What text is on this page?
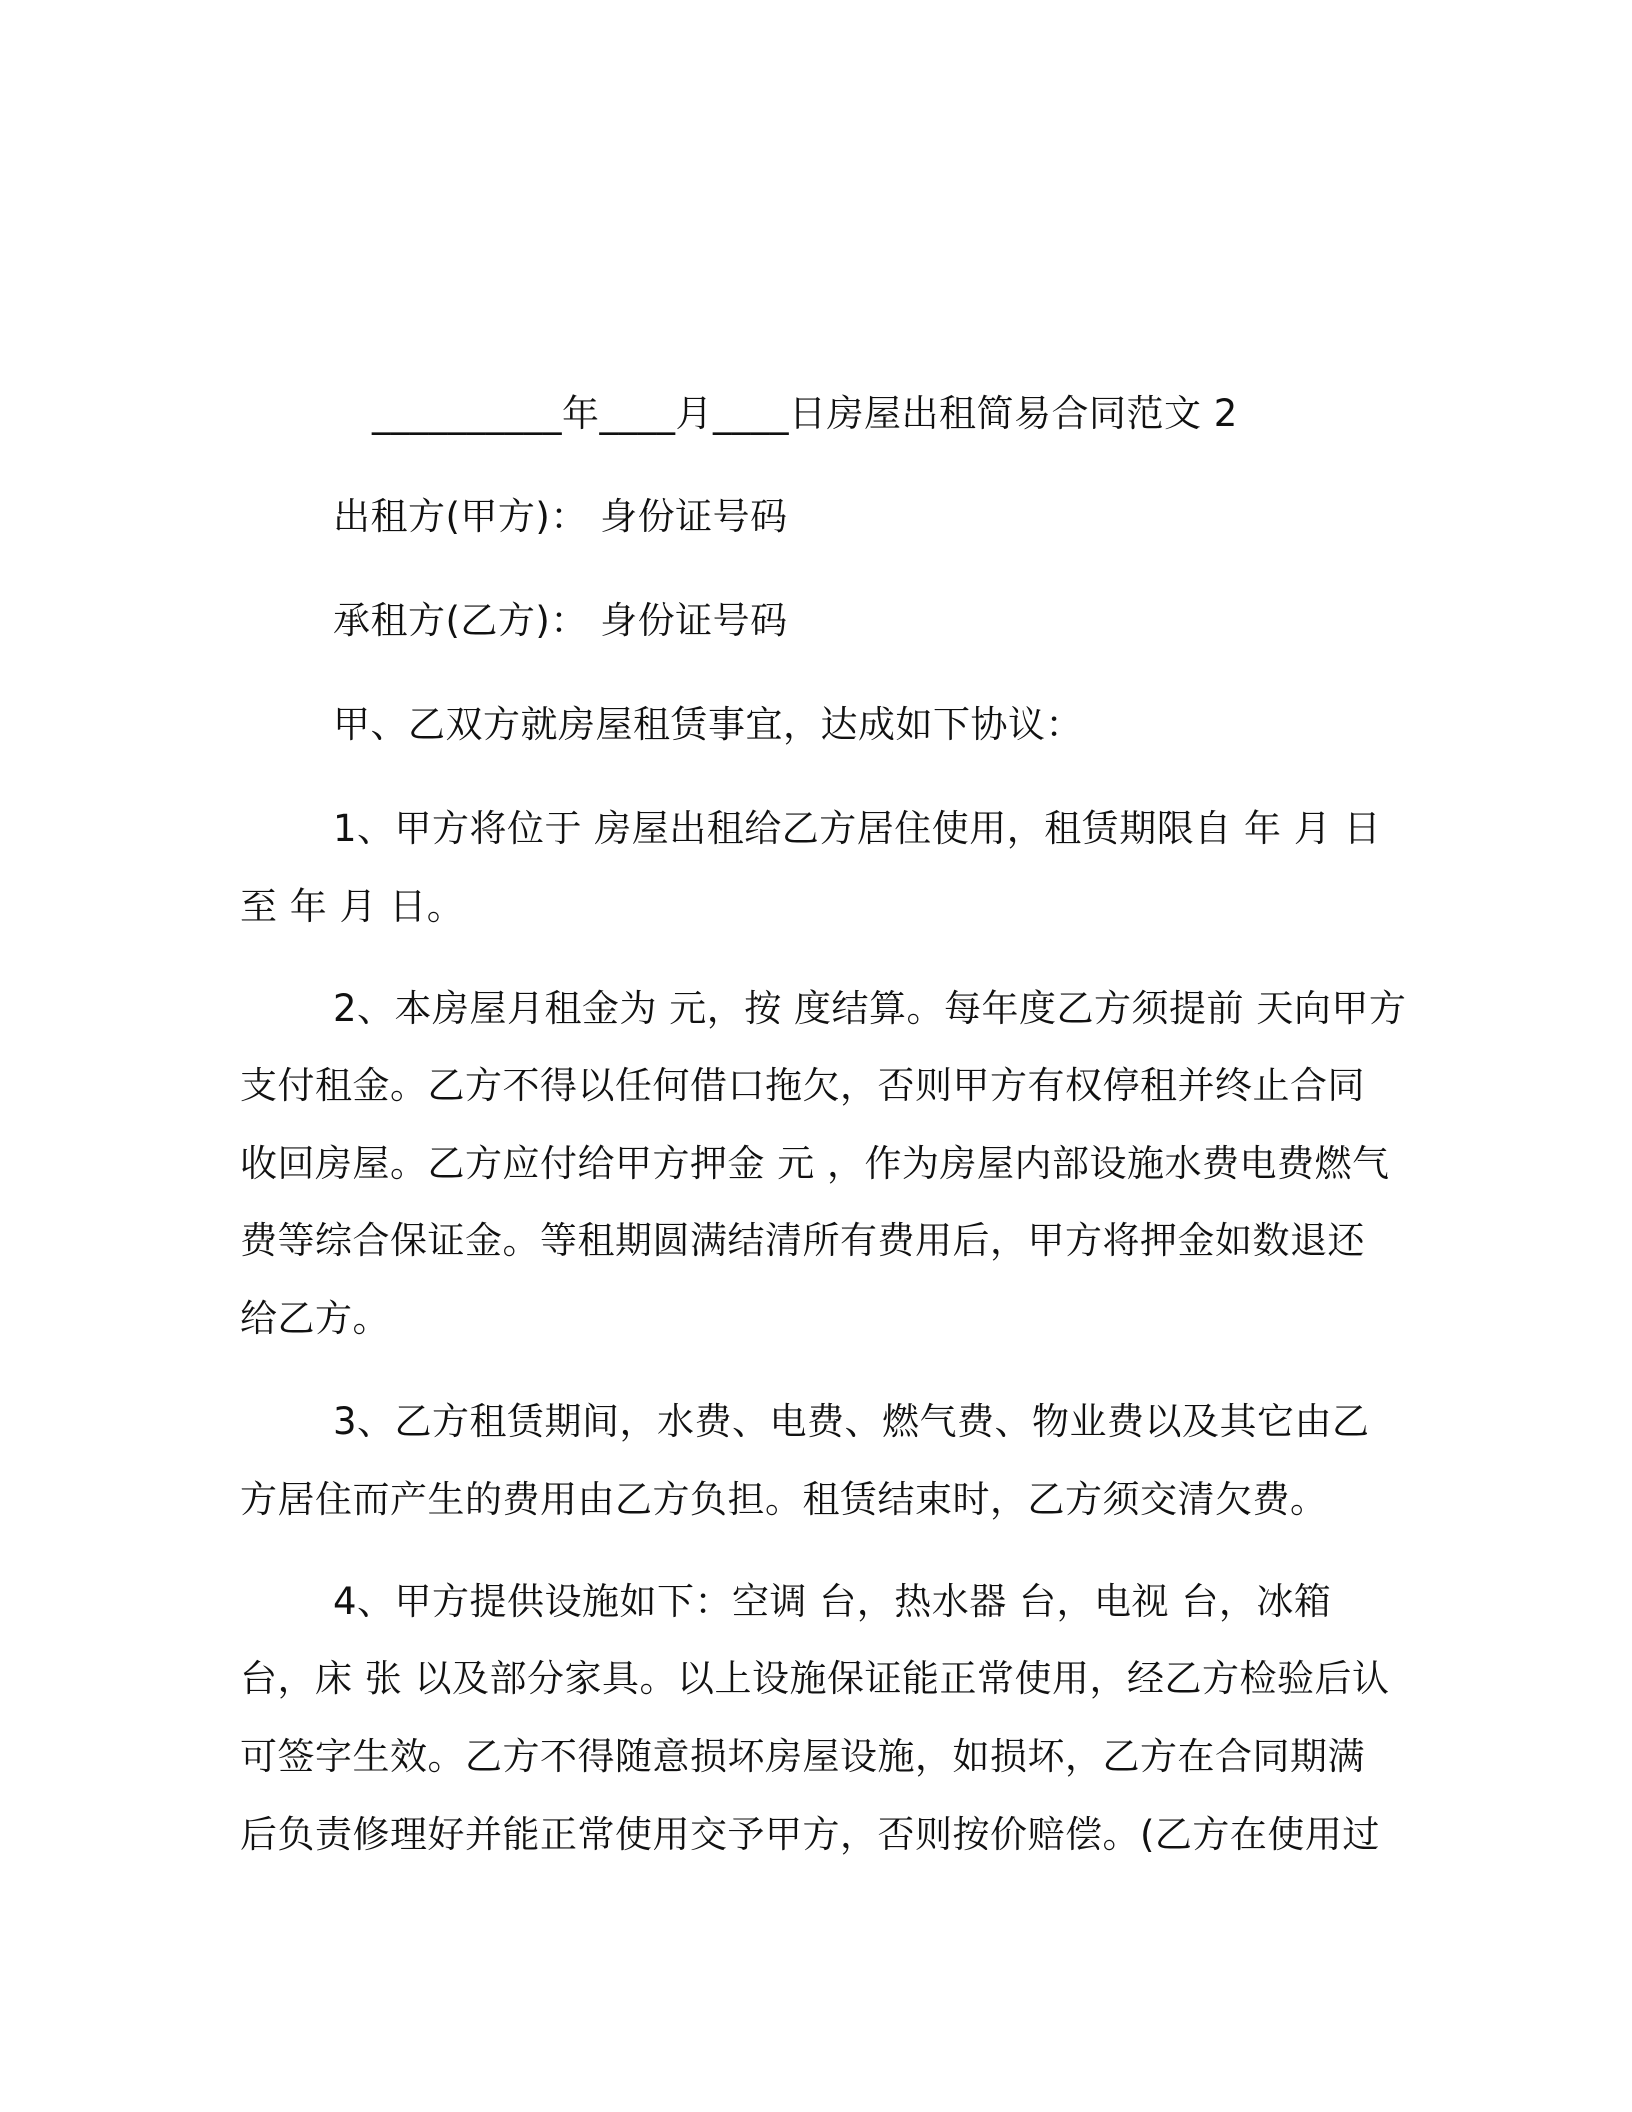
__________年____月____日房屋出租简易合同范文 2
出租方(甲方)： 身份证号码
承租方(乙方)： 身份证号码
甲、乙双方就房屋租赁事宜，达成如下协议：
1、甲方将位于 房屋出租给乙方居住使用，租赁期限自 年 月 日
至 年 月 日。
2、本房屋月租金为 元，按 度结算。每年度乙方须提前 天向甲方
支付租金。乙方不得以任何借口拖欠，否则甲方有权停租并终止合同
收回房屋。乙方应付给甲方押金 元 ，作为房屋内部设施水费电费燃气
费等综合保证金。等租期圆满结清所有费用后，甲方将押金如数退还
给乙方。
3、乙方租赁期间，水费、电费、燃气费、物业费以及其它由乙
方居住而产生的费用由乙方负担。租赁结束时，乙方须交清欠费。
4、甲方提供设施如下：空调 台，热水器 台，电视 台，冰箱
台，床 张 以及部分家具。以上设施保证能正常使用，经乙方检验后认
可签字生效。乙方不得随意损坏房屋设施，如损坏，乙方在合同期满
后负责修理好并能正常使用交予甲方，否则按价赔偿。(乙方在使用过
